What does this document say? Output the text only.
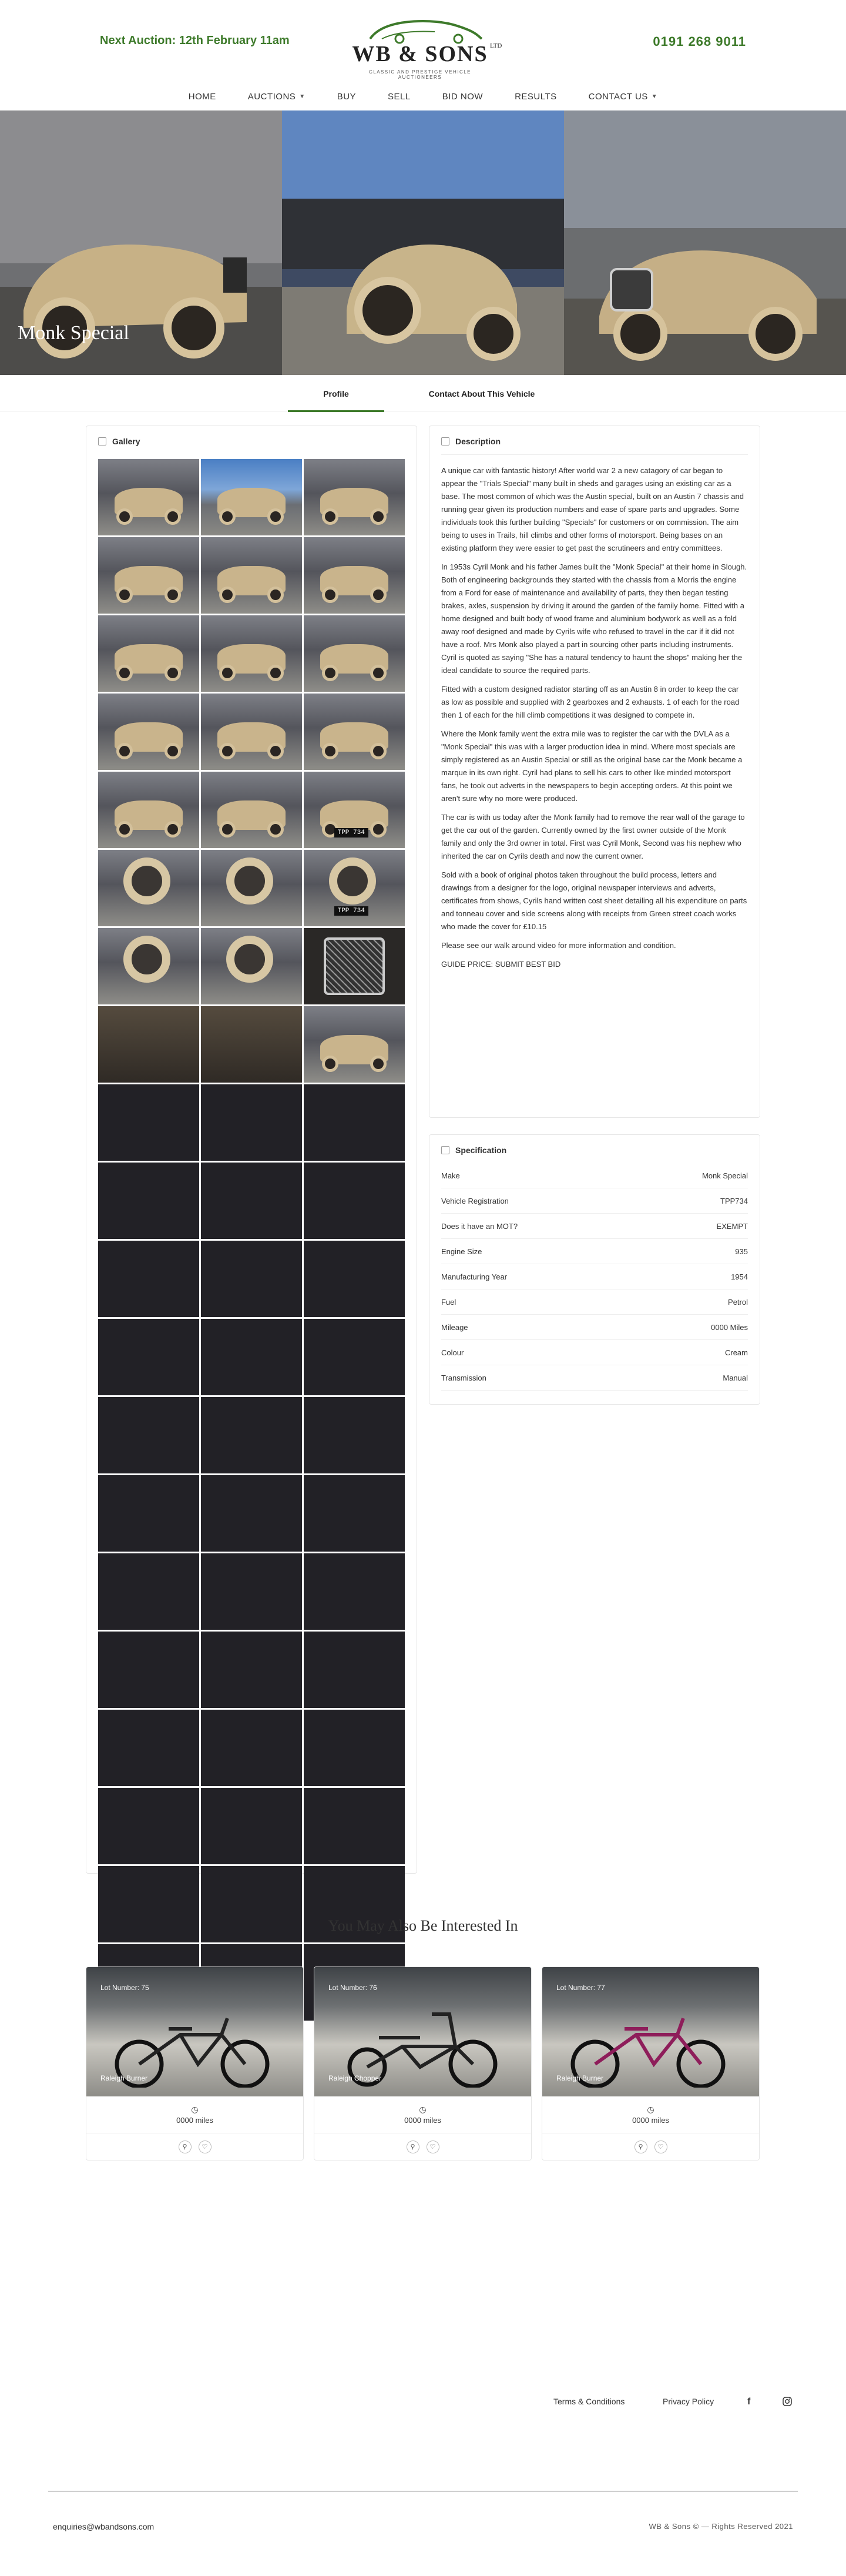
Next Auction: 12th February 11am
WB & SONS LTD
CLASSIC AND PRESTIGE VEHICLE AUCTIONEERS
0191 268 9011
HOME	AUCTIONS ▼	BUY	SELL	BID NOW	RESULTS	CONTACT US ▼
Monk Special
Profile	Contact About This Vehicle
Gallery
TPP 734
TPP 734
Description

A unique car with fantastic history! After world war 2 a new catagory of car began to appear the "Trials Special" many built in sheds and garages using an existing car as a base. The most common of which was the Austin special, built on an Austin 7 chassis and running gear given its production numbers and ease of spare parts and upgrades. Some individuals took this further building "Specials" for customers or on commission. The aim being to uses in Trails, hill climbs and other forms of motorsport. Being bases on an existing platform they were easier to get past the scrutineers and entry committees.

In 1953s Cyril Monk and his father James built the "Monk Special" at their home in Slough. Both of engineering backgrounds they started with the chassis from a Morris the engine from a Ford for ease of maintenance and availability of parts, they then began testing brakes, axles, suspension by driving it around the garden of the family home. Fitted with a home designed and built body of wood frame and aluminium bodywork as well as a fold away roof designed and made by Cyrils wife who refused to travel in the car if it did not have a roof. Mrs Monk also played a part in sourcing other parts including instruments. Cyril is quoted as saying "She has a natural tendency to haunt the shops" making her the ideal candidate to source the required parts.

Fitted with a custom designed radiator starting off as an Austin 8 in order to keep the car as low as possible and supplied with 2 gearboxes and 2 exhausts. 1 of each for the road then 1 of each for the hill climb competitions it was designed to compete in.

Where the Monk family went the extra mile was to register the car with the DVLA as a "Monk Special" this was with a larger production idea in mind. Where most specials are simply registered as an Austin Special or still as the original base car the Monk became a marque in its own right. Cyril had plans to sell his cars to other like minded motorsport fans, he took out adverts in the newspapers to begin accepting orders. At this point we aren't sure why no more were produced.

The car is with us today after the Monk family had to remove the rear wall of the garage to get the car out of the garden. Currently owned by the first owner outside of the Monk family and only the 3rd owner in total. First was Cyril Monk, Second was his nephew who inherited the car on Cyrils death and now the current owner.

Sold with a book of original photos taken throughout the build process, letters and drawings from a designer for the logo, original newspaper interviews and adverts, certificates from shows, Cyrils hand written cost sheet detailing all his expenditure on parts and tonneau cover and side screens along with receipts from Green street coach works who made the cover for £10.15

Please see our walk around video for more information and condition.

GUIDE PRICE: SUBMIT BEST BID

Specification
Make	Monk Special
Vehicle Registration	TPP734
Does it have an MOT?	EXEMPT
Engine Size	935
Manufacturing Year	1954
Fuel	Petrol
Mileage	0000 Miles
Colour	Cream
Transmission	Manual
You May Also Be Interested In
Lot Number: 75
Raleigh Burner
◷
0000 miles
⚲	♡
Lot Number: 76
Raleigh Chopper
◷
0000 miles
⚲	♡
Lot Number: 77
Raleigh Burner
◷
0000 miles
⚲	♡
Terms & Conditions	Privacy Policy	f
enquiries@wbandsons.com	WB & Sons © — Rights Reserved 2021
